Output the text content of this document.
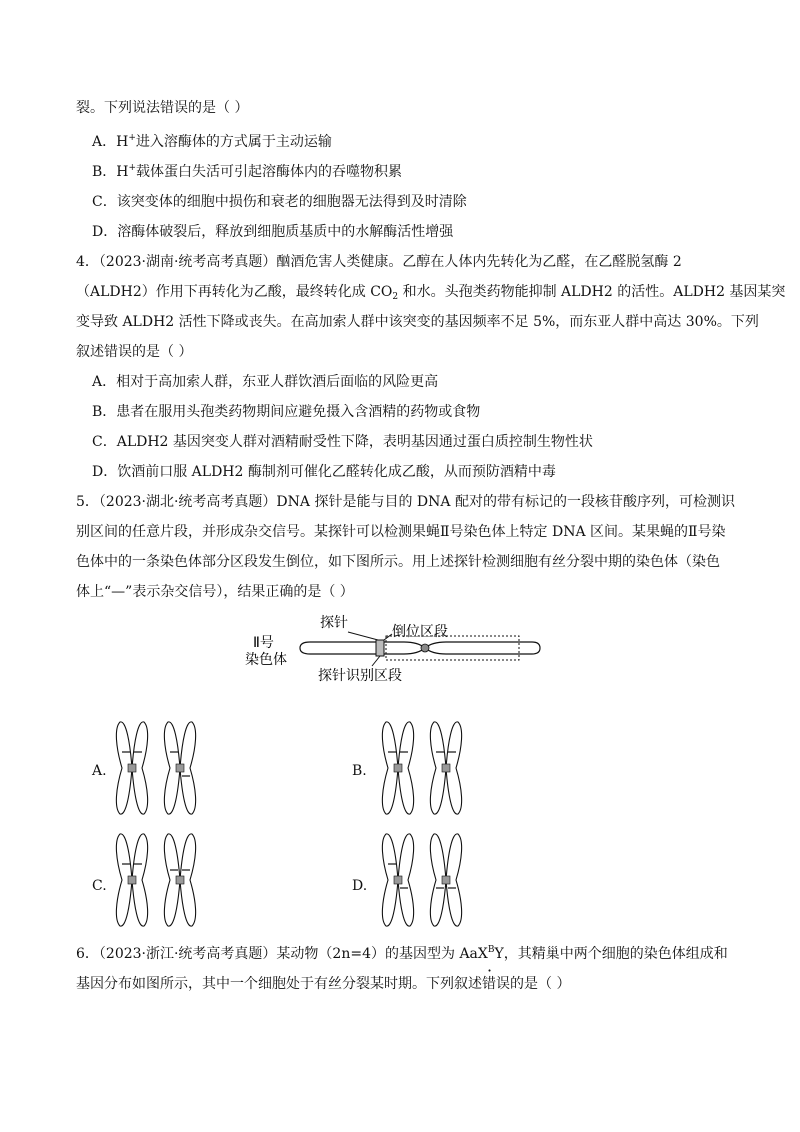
裂。下列说法错误的是（ ）
A．H+进入溶酶体的方式属于主动运输
B．H+载体蛋白失活可引起溶酶体内的吞噬物积累
C．该突变体的细胞中损伤和衰老的细胞器无法得到及时清除
D．溶酶体破裂后，释放到细胞质基质中的水解酶活性增强
4．（2023·湖南·统考高考真题）酗酒危害人类健康。乙醇在人体内先转化为乙醛，在乙醛脱氢酶 2
（ALDH2）作用下再转化为乙酸，最终转化成 $CO_2$ 和水。头孢类药物能抑制 ALDH2 的活性。ALDH2 基因某突
变导致 ALDH2 活性下降或丧失。在高加索人群中该突变的基因频率不足 5%，而东亚人群中高达 30%。下列
叙述错误的是（ ）
A．相对于高加索人群，东亚人群饮酒后面临的风险更高
B．患者在服用头孢类药物期间应避免摄入含酒精的药物或食物
C．ALDH2 基因突变人群对酒精耐受性下降，表明基因通过蛋白质控制生物性状
D．饮酒前口服 ALDH2 酶制剂可催化乙醛转化成乙酸，从而预防酒精中毒
5．（2023·湖北·统考高考真题）DNA 探针是能与目的 DNA 配对的带有标记的一段核苷酸序列，可检测识
别区间的任意片段，并形成杂交信号。某探针可以检测果蝇Ⅱ号染色体上特定 DNA 区间。某果蝇的Ⅱ号染
色体中的一条染色体部分区段发生倒位，如下图所示。用上述探针检测细胞有丝分裂中期的染色体（染色
体上“—”表示杂交信号），结果正确的是（ ）
Ⅱ号
染色体
探针
倒位区段
探针识别区段
A.	B.
C.	D.
6．（2023·浙江·统考高考真题）某动物（2n=4）的基因型为 AaX$^B$Y，其精巢中两个细胞的染色体组成和
基因分布如图所示，其中一个细胞处于有丝分裂某时期。下列叙述错误的是（ ）
